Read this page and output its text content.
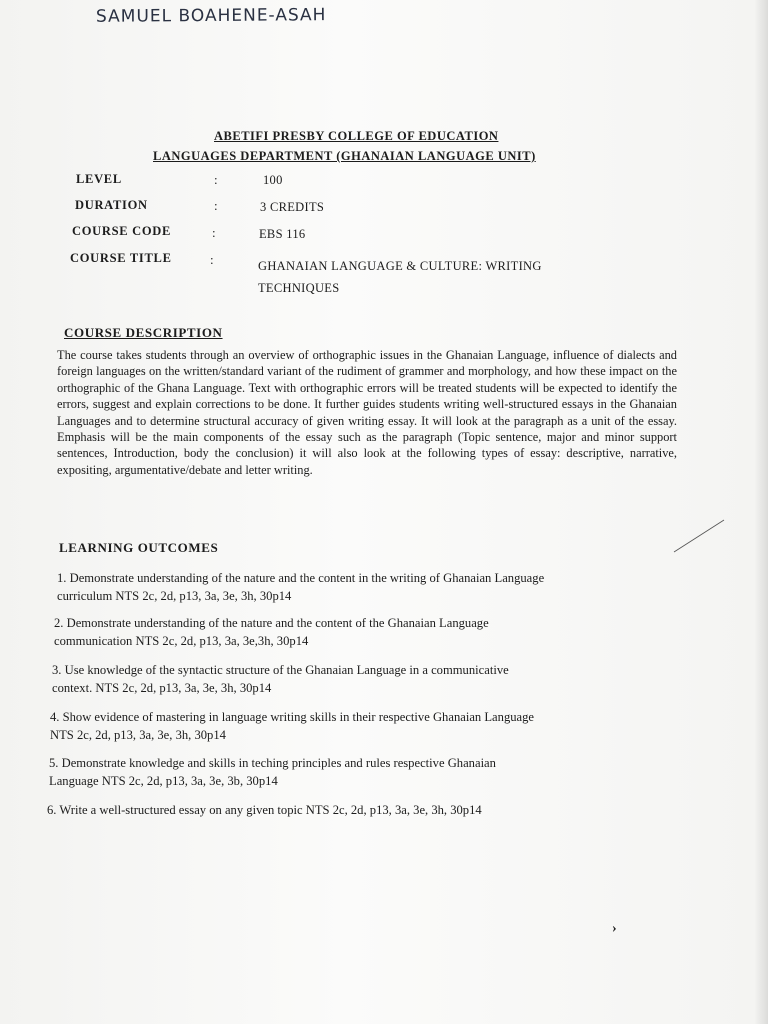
SAMUEL BOAHENE-ASAH
ABETIFI PRESBY COLLEGE OF EDUCATION
LANGUAGES DEPARTMENT (GHANAIAN LANGUAGE UNIT)
LEVEL	:	100
DURATION	:	3 CREDITS
COURSE CODE	:	EBS 116
COURSE TITLE	:	GHANAIAN LANGUAGE & CULTURE: WRITING
TECHNIQUES
COURSE DESCRIPTION
The course takes students through an overview of orthographic issues in the Ghanaian Language, influence of dialects and foreign languages on the written/standard variant of the rudiment of grammer and morphology, and how these impact on the orthographic of the Ghana Language. Text with orthographic errors will be treated students will be expected to identify the errors, suggest and explain corrections to be done. It further guides students writing well-structured essays in the Ghanaian Languages and to determine structural accuracy of given writing essay. It will look at the paragraph as a unit of the essay. Emphasis will be the main components of the essay such as the paragraph (Topic sentence, major and minor support sentences, Introduction, body the conclusion) it will also look at the following types of essay: descriptive, narrative, expositing, argumentative/debate and letter writing.
LEARNING OUTCOMES
1. Demonstrate understanding of the nature and the content in the writing of Ghanaian Language
curriculum NTS 2c, 2d, p13, 3a, 3e, 3h, 30p14
2. Demonstrate understanding of the nature and the content of the Ghanaian Language
communication NTS 2c, 2d, p13, 3a, 3e,3h, 30p14
3. Use knowledge of the syntactic structure of the Ghanaian Language in a communicative
context. NTS 2c, 2d, p13, 3a, 3e, 3h, 30p14
4. Show evidence of mastering in language writing skills in their respective Ghanaian Language
NTS 2c, 2d, p13, 3a, 3e, 3h, 30p14
5. Demonstrate knowledge and skills in teching principles and rules respective Ghanaian
Language NTS 2c, 2d, p13, 3a, 3e, 3b, 30p14
6. Write a well-structured essay on any given topic NTS 2c, 2d, p13, 3a, 3e, 3h, 30p14
›
